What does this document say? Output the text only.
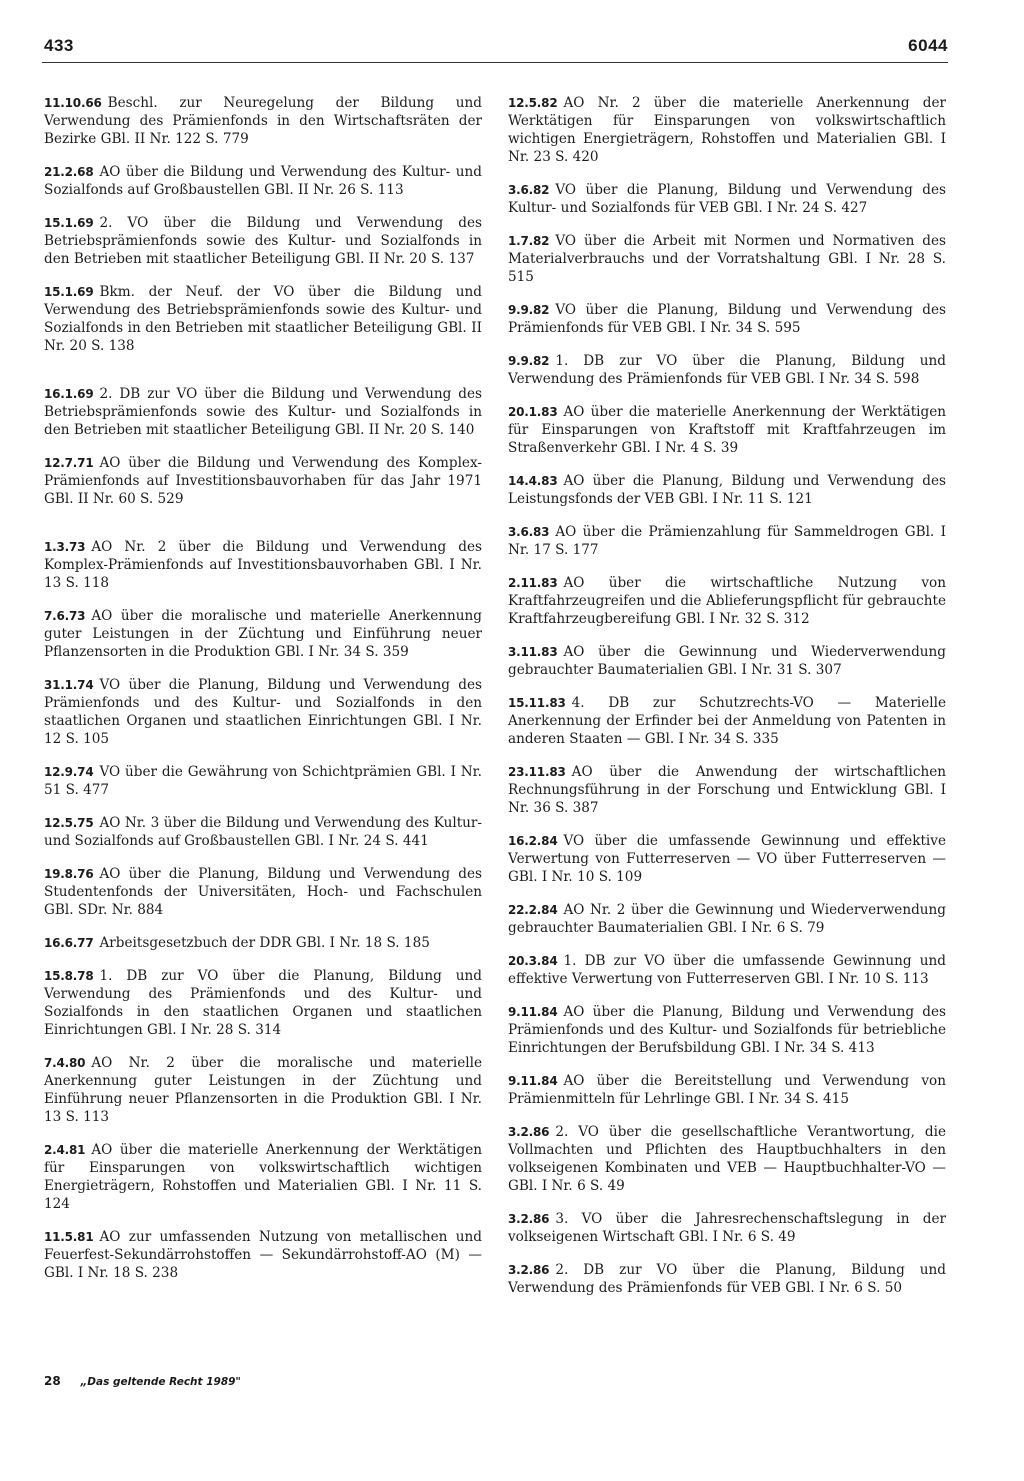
433	6044

11.10.66 Beschl. zur Neuregelung der Bildung und Verwendung des Prämienfonds in den Wirtschaftsräten der Bezirke GBl. II Nr. 122 S. 779

21.2.68 AO über die Bildung und Verwendung des Kultur- und Sozialfonds auf Großbaustellen GBl. II Nr. 26 S. 113

15.1.69 2. VO über die Bildung und Verwendung des Betriebsprämienfonds sowie des Kultur- und Sozialfonds in den Betrieben mit staatlicher Beteiligung GBl. II Nr. 20 S. 137

15.1.69 Bkm. der Neuf. der VO über die Bildung und Verwendung des Betriebsprämienfonds sowie des Kultur- und Sozialfonds in den Betrieben mit staatlicher Beteiligung GBl. II Nr. 20 S. 138

16.1.69 2. DB zur VO über die Bildung und Verwendung des Betriebsprämienfonds sowie des Kultur- und Sozialfonds in den Betrieben mit staatlicher Beteiligung GBl. II Nr. 20 S. 140

12.7.71 AO über die Bildung und Verwendung des Komplex-Prämienfonds auf Investitionsbauvorhaben für das Jahr 1971 GBl. II Nr. 60 S. 529

1.3.73 AO Nr. 2 über die Bildung und Verwendung des Komplex-Prämienfonds auf Investitionsbauvorhaben GBl. I Nr. 13 S. 118

7.6.73 AO über die moralische und materielle Anerkennung guter Leistungen in der Züchtung und Einführung neuer Pflanzensorten in die Produktion GBl. I Nr. 34 S. 359

31.1.74 VO über die Planung, Bildung und Verwendung des Prämienfonds und des Kultur- und Sozialfonds in den staatlichen Organen und staatlichen Einrichtungen GBl. I Nr. 12 S. 105

12.9.74 VO über die Gewährung von Schichtprämien GBl. I Nr. 51 S. 477

12.5.75 AO Nr. 3 über die Bildung und Verwendung des Kultur- und Sozialfonds auf Großbaustellen GBl. I Nr. 24 S. 441

19.8.76 AO über die Planung, Bildung und Verwendung des Studentenfonds der Universitäten, Hoch- und Fachschulen GBl. SDr. Nr. 884

16.6.77 Arbeitsgesetzbuch der DDR GBl. I Nr. 18 S. 185

15.8.78 1. DB zur VO über die Planung, Bildung und Verwendung des Prämienfonds und des Kultur- und Sozialfonds in den staatlichen Organen und staatlichen Einrichtungen GBl. I Nr. 28 S. 314

7.4.80 AO Nr. 2 über die moralische und materielle Anerkennung guter Leistungen in der Züchtung und Einführung neuer Pflanzensorten in die Produktion GBl. I Nr. 13 S. 113

2.4.81 AO über die materielle Anerkennung der Werktätigen für Einsparungen von volkswirtschaftlich wichtigen Energieträgern, Rohstoffen und Materialien GBl. I Nr. 11 S. 124

11.5.81 AO zur umfassenden Nutzung von metallischen und Feuerfest-Sekundärrohstoffen — Sekundärrohstoff-AO (M) — GBl. I Nr. 18 S. 238

12.5.82 AO Nr. 2 über die materielle Anerkennung der Werktätigen für Einsparungen von volkswirtschaftlich wichtigen Energieträgern, Rohstoffen und Materialien GBl. I Nr. 23 S. 420

3.6.82 VO über die Planung, Bildung und Verwendung des Kultur- und Sozialfonds für VEB GBl. I Nr. 24 S. 427

1.7.82 VO über die Arbeit mit Normen und Normativen des Materialverbrauchs und der Vorratshaltung GBl. I Nr. 28 S. 515

9.9.82 VO über die Planung, Bildung und Verwendung des Prämienfonds für VEB GBl. I Nr. 34 S. 595

9.9.82 1. DB zur VO über die Planung, Bildung und Verwendung des Prämienfonds für VEB GBl. I Nr. 34 S. 598

20.1.83 AO über die materielle Anerkennung der Werktätigen für Einsparungen von Kraftstoff mit Kraftfahrzeugen im Straßenverkehr GBl. I Nr. 4 S. 39

14.4.83 AO über die Planung, Bildung und Verwendung des Leistungsfonds der VEB GBl. I Nr. 11 S. 121

3.6.83 AO über die Prämienzahlung für Sammeldrogen GBl. I Nr. 17 S. 177

2.11.83 AO über die wirtschaftliche Nutzung von Kraftfahrzeugreifen und die Ablieferungspflicht für gebrauchte Kraftfahrzeugbereifung GBl. I Nr. 32 S. 312

3.11.83 AO über die Gewinnung und Wiederverwendung gebrauchter Baumaterialien GBl. I Nr. 31 S. 307

15.11.83 4. DB zur Schutzrechts-VO — Materielle Anerkennung der Erfinder bei der Anmeldung von Patenten in anderen Staaten — GBl. I Nr. 34 S. 335

23.11.83 AO über die Anwendung der wirtschaftlichen Rechnungsführung in der Forschung und Entwicklung GBl. I Nr. 36 S. 387

16.2.84 VO über die umfassende Gewinnung und effektive Verwertung von Futterreserven — VO über Futterreserven — GBl. I Nr. 10 S. 109

22.2.84 AO Nr. 2 über die Gewinnung und Wiederverwendung gebrauchter Baumaterialien GBl. I Nr. 6 S. 79

20.3.84 1. DB zur VO über die umfassende Gewinnung und effektive Verwertung von Futterreserven GBl. I Nr. 10 S. 113

9.11.84 AO über die Planung, Bildung und Verwendung des Prämienfonds und des Kultur- und Sozialfonds für betriebliche Einrichtungen der Berufsbildung GBl. I Nr. 34 S. 413

9.11.84 AO über die Bereitstellung und Verwendung von Prämienmitteln für Lehrlinge GBl. I Nr. 34 S. 415

3.2.86 2. VO über die gesellschaftliche Verantwortung, die Vollmachten und Pflichten des Hauptbuchhalters in den volkseigenen Kombinaten und VEB — Hauptbuchhalter-VO — GBl. I Nr. 6 S. 49

3.2.86 3. VO über die Jahresrechenschaftslegung in der volkseigenen Wirtschaft GBl. I Nr. 6 S. 49

3.2.86 2. DB zur VO über die Planung, Bildung und Verwendung des Prämienfonds für VEB GBl. I Nr. 6 S. 50

28 „Das geltende Recht 1989"
